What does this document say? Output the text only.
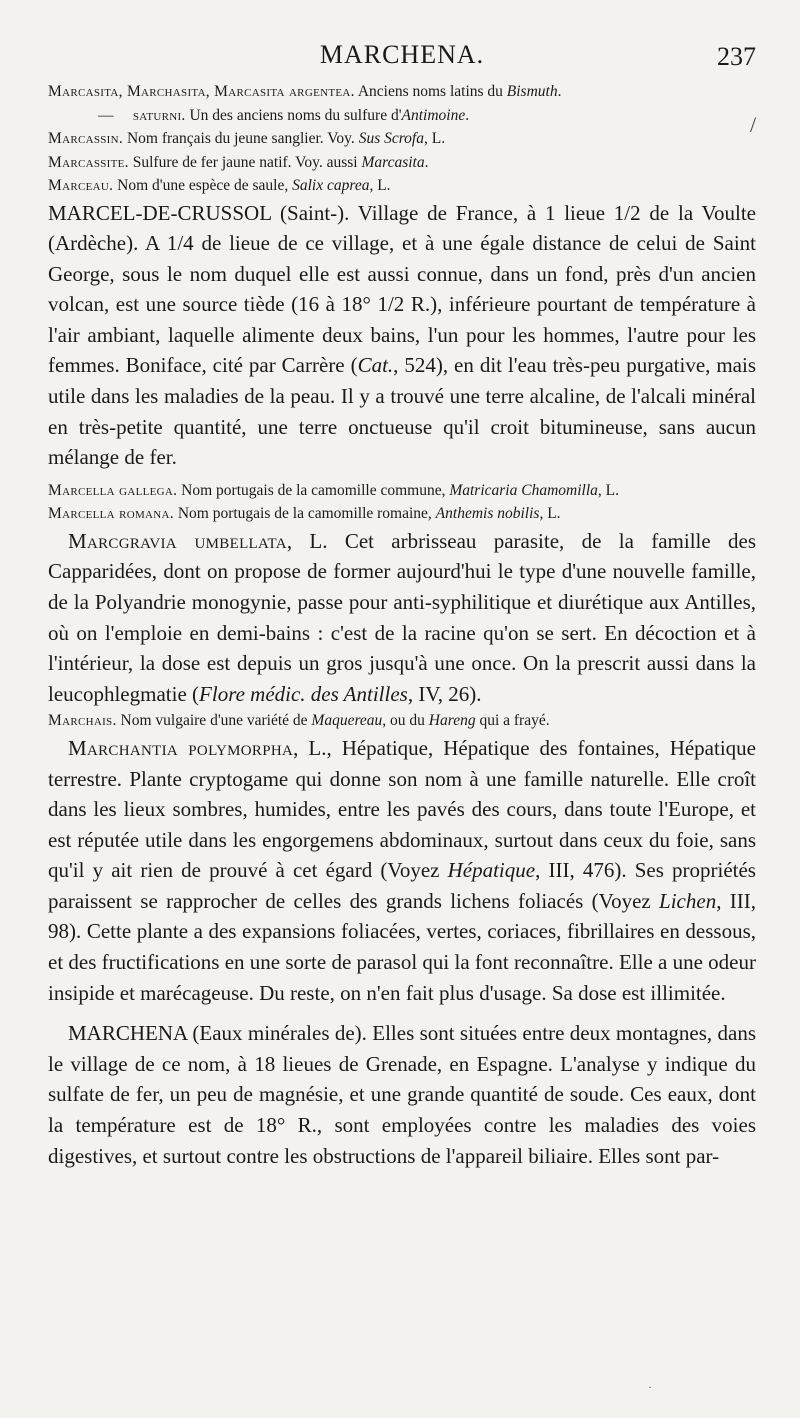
MARCHENA.	237
/

Marcasita, Marchasita, Marcasita argentea. Anciens noms latins du Bismuth.

— saturni. Un des anciens noms du sulfure d'Antimoine.

Marcassin. Nom français du jeune sanglier. Voy. Sus Scrofa, L.

Marcassite. Sulfure de fer jaune natif. Voy. aussi Marcasita.

Marceau. Nom d'une espèce de saule, Salix caprea, L.

MARCEL-DE-CRUSSOL (Saint-). Village de France, à 1 lieue 1/2 de la Voulte (Ardèche). A 1/4 de lieue de ce village, et à une égale distance de celui de Saint George, sous le nom duquel elle est aussi connue, dans un fond, près d'un ancien volcan, est une source tiède (16 à 18° 1/2 R.), inférieure pourtant de température à l'air ambiant, laquelle alimente deux bains, l'un pour les hommes, l'autre pour les femmes. Boniface, cité par Carrère (Cat., 524), en dit l'eau très-peu purgative, mais utile dans les maladies de la peau. Il y a trouvé une terre alcaline, de l'alcali minéral en très-petite quantité, une terre onctueuse qu'il croit bitumineuse, sans aucun mélange de fer.

Marcella gallega. Nom portugais de la camomille commune, Matricaria Chamomilla, L.

Marcella romana. Nom portugais de la camomille romaine, Anthemis nobilis, L.

Marcgravia umbellata, L. Cet arbrisseau parasite, de la famille des Capparidées, dont on propose de former aujourd'hui le type d'une nouvelle famille, de la Polyandrie monogynie, passe pour anti-syphilitique et diurétique aux Antilles, où on l'emploie en demi-bains : c'est de la racine qu'on se sert. En décoction et à l'intérieur, la dose est depuis un gros jusqu'à une once. On la prescrit aussi dans la leucophlegmatie (Flore médic. des Antilles, IV, 26).

Marchais. Nom vulgaire d'une variété de Maquereau, ou du Hareng qui a frayé.

Marchantia polymorpha, L., Hépatique, Hépatique des fontaines, Hépatique terrestre. Plante cryptogame qui donne son nom à une famille naturelle. Elle croît dans les lieux sombres, humides, entre les pavés des cours, dans toute l'Europe, et est réputée utile dans les engorgemens abdominaux, surtout dans ceux du foie, sans qu'il y ait rien de prouvé à cet égard (Voyez Hépatique, III, 476). Ses propriétés paraissent se rapprocher de celles des grands lichens foliacés (Voyez Lichen, III, 98). Cette plante a des expansions foliacées, vertes, coriaces, fibrillaires en dessous, et des fructifications en une sorte de parasol qui la font reconnaître. Elle a une odeur insipide et marécageuse. Du reste, on n'en fait plus d'usage. Sa dose est illimitée.

MARCHENA (Eaux minérales de). Elles sont situées entre deux montagnes, dans le village de ce nom, à 18 lieues de Grenade, en Espagne. L'analyse y indique du sulfate de fer, un peu de magnésie, et une grande quantité de soude. Ces eaux, dont la température est de 18° R., sont employées contre les maladies des voies digestives, et surtout contre les obstructions de l'appareil biliaire. Elles sont par-

·
